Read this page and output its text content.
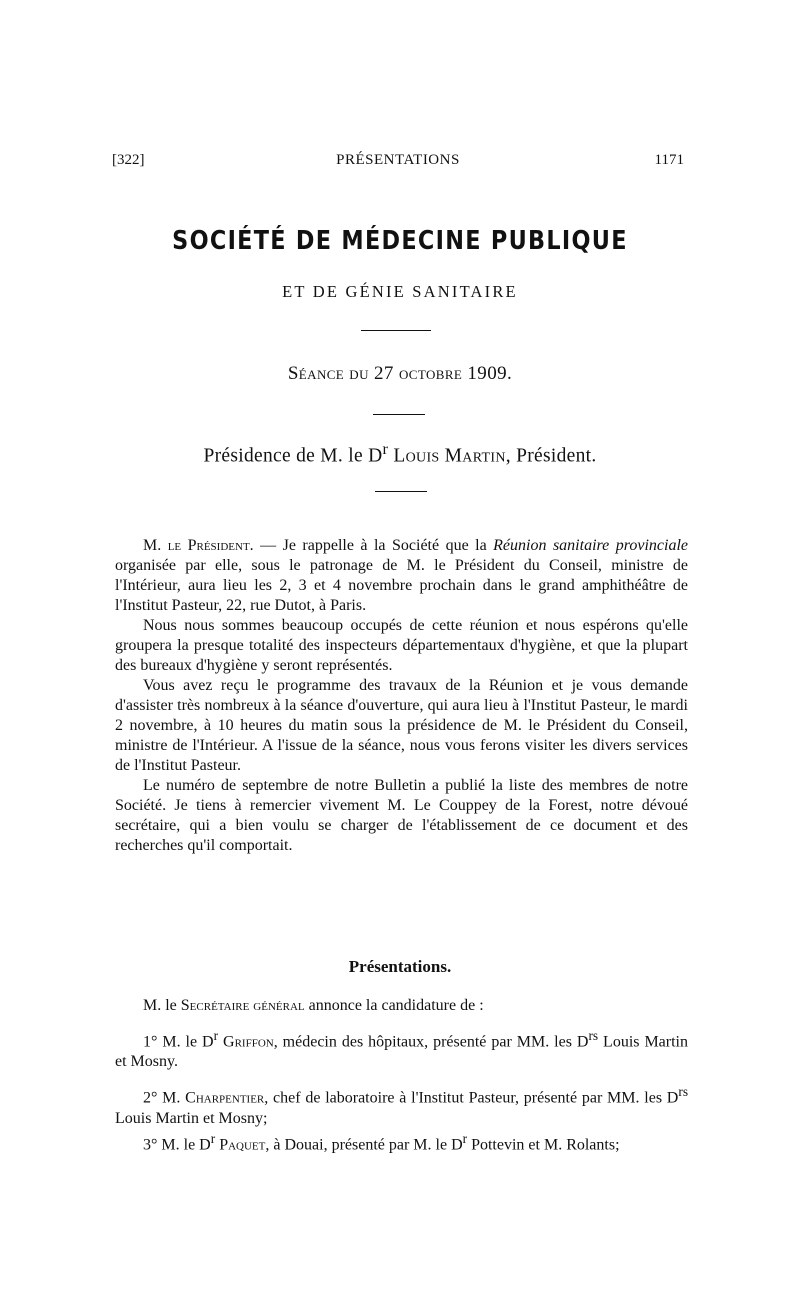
[322]	PRÉSENTATIONS	1171
SOCIÉTÉ DE MÉDECINE PUBLIQUE
ET DE GÉNIE SANITAIRE
Séance du 27 octobre 1909.
Présidence de M. le $D^r$ Louis Martin, Président.

M. le Président. — Je rappelle à la Société que la Réunion sanitaire provinciale organisée par elle, sous le patronage de M. le Président du Conseil, ministre de l'Intérieur, aura lieu les 2, 3 et 4 novembre prochain dans le grand amphithéâtre de l'Institut Pasteur, 22, rue Dutot, à Paris.

Nous nous sommes beaucoup occupés de cette réunion et nous espérons qu'elle groupera la presque totalité des inspecteurs départementaux d'hygiène, et que la plupart des bureaux d'hygiène y seront représentés.

Vous avez reçu le programme des travaux de la Réunion et je vous demande d'assister très nombreux à la séance d'ouverture, qui aura lieu à l'Institut Pasteur, le mardi 2 novembre, à 10 heures du matin sous la présidence de M. le Président du Conseil, ministre de l'Intérieur. A l'issue de la séance, nous vous ferons visiter les divers services de l'Institut Pasteur.

Le numéro de septembre de notre Bulletin a publié la liste des membres de notre Société. Je tiens à remercier vivement M. Le Couppey de la Forest, notre dévoué secrétaire, qui a bien voulu se charger de l'établissement de ce document et des recherches qu'il comportait.

Présentations.

M. le Secrétaire général annonce la candidature de :

1° M. le $D^r$ Griffon, médecin des hôpitaux, présenté par MM. les $D^{rs}$ Louis Martin et Mosny.

2° M. Charpentier, chef de laboratoire à l'Institut Pasteur, présenté par MM. les $D^{rs}$ Louis Martin et Mosny;

3° M. le $D^r$ Paquet, à Douai, présenté par M. le $D^r$ Pottevin et M. Rolants;
